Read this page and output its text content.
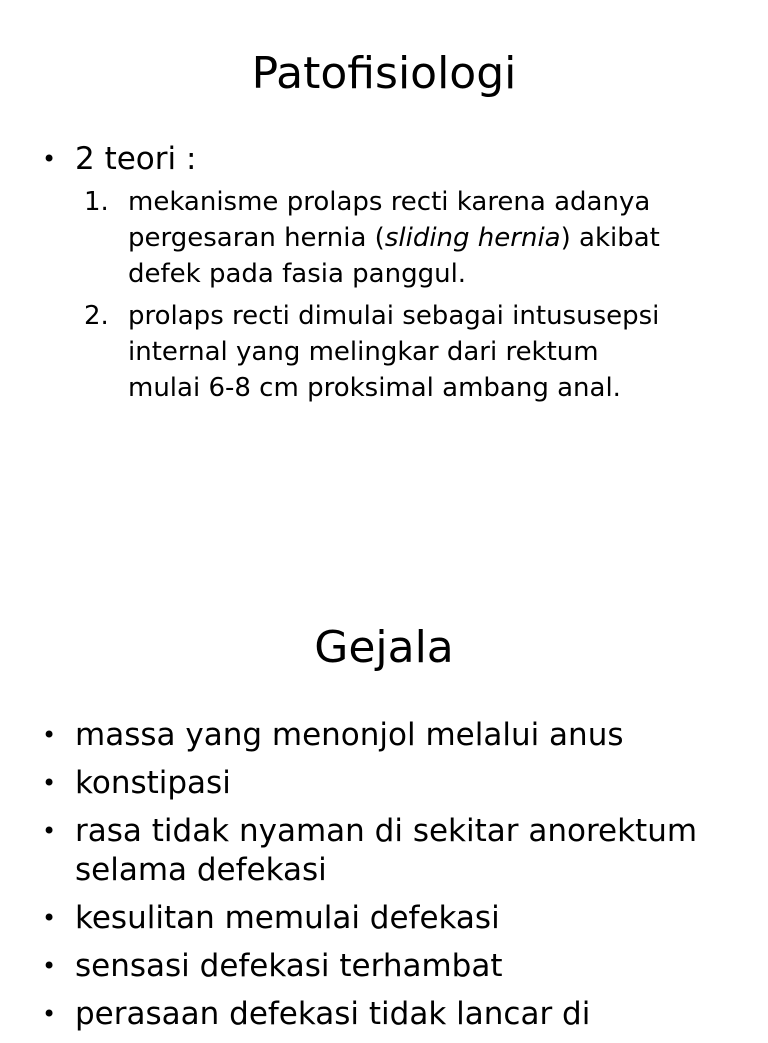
Patofisiologi
• 2 teori :
1. mekanisme prolaps recti karena adanya pergesaran hernia (sliding hernia) akibat defek pada fasia panggul.
2. prolaps recti dimulai sebagai intususepsi internal yang melingkar dari rektum mulai 6-8 cm proksimal ambang anal.
Gejala
• massa yang menonjol melalui anus
• konstipasi
• rasa tidak nyaman di sekitar anorektum selama defekasi
• kesulitan memulai defekasi
• sensasi defekasi terhambat
• perasaan defekasi tidak lancar di
